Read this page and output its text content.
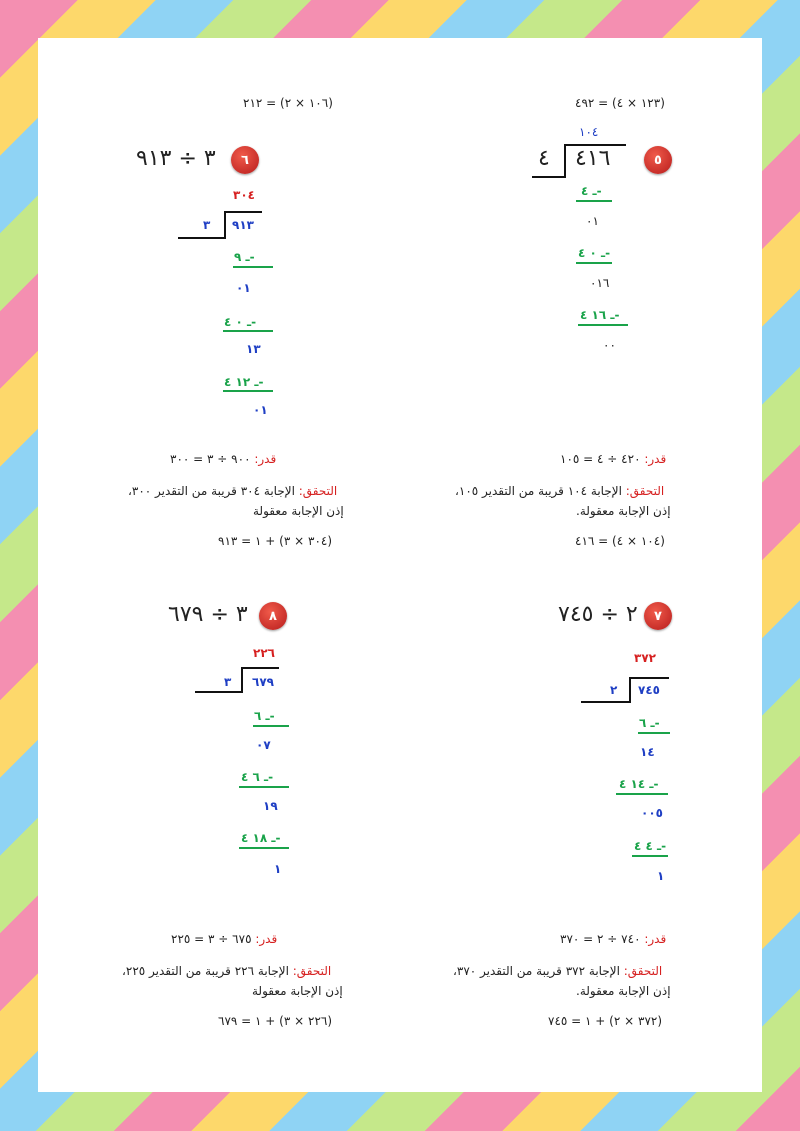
(١٠٦ × ٢) = ٢١٢
٦
٣ ÷ ٩١٣
٣٠٤
٩١٣
٣
-ـ ٩
٠١
-ـ ٠ ٤
١٣
-ـ ١٢ ٤
٠١
قدر: ٩٠٠ ÷ ٣ = ٣٠٠
التحقق: الإجابة ٣٠٤ قريبة من التقدير ٣٠٠،
إذن الإجابة معقولة
(٣٠٤ × ٣) + ١ = ٩١٣
(١٢٣ × ٤) = ٤٩٢
١٠٤
٥
٤١٦
٤
-ـ ٤
٠١
-ـ ٠ ٤
٠١٦
-ـ ١٦ ٤
٠٠
قدر: ٤٢٠ ÷ ٤ = ١٠٥
التحقق: الإجابة ١٠٤ قريبة من التقدير ١٠٥،
إذن الإجابة معقولة.
(١٠٤ × ٤) = ٤١٦
٨
٣ ÷ ٦٧٩
٢٢٦
٦٧٩
٣
-ـ ٦
٠٧
-ـ ٦ ٤
١٩
-ـ ١٨ ٤
١
قدر: ٦٧٥ ÷ ٣ = ٢٢٥
التحقق: الإجابة ٢٢٦ قريبة من التقدير ٢٢٥،
إذن الإجابة معقولة
(٢٢٦ × ٣) + ١ = ٦٧٩
٧
٢ ÷ ٧٤٥
٣٧٢
٧٤٥
٢
-ـ ٦
١٤
-ـ ١٤ ٤
٠٠٥
-ـ ٤ ٤
١
قدر: ٧٤٠ ÷ ٢ = ٣٧٠
التحقق: الإجابة ٣٧٢ قريبة من التقدير ٣٧٠،
إذن الإجابة معقولة.
(٣٧٢ × ٢) + ١ = ٧٤٥
